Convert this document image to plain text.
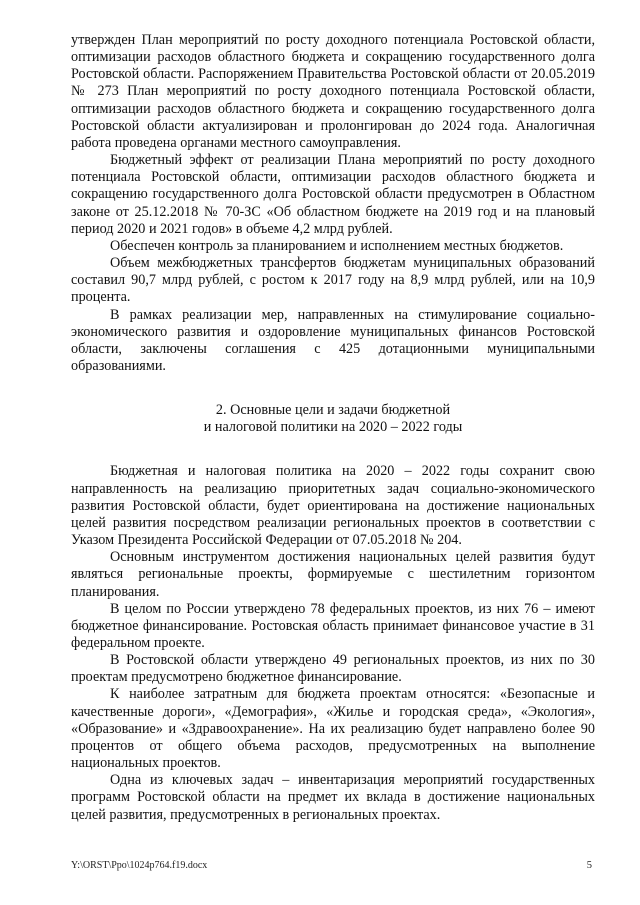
утвержден План мероприятий по росту доходного потенциала Ростовской области, оптимизации расходов областного бюджета и сокращению государственного долга Ростовской области. Распоряжением Правительства Ростовской области от 20.05.2019 № 273 План мероприятий по росту доходного потенциала Ростовской области, оптимизации расходов областного бюджета и сокращению государственного долга Ростовской области актуализирован и пролонгирован до 2024 года. Аналогичная работа проведена органами местного самоуправления.

Бюджетный эффект от реализации Плана мероприятий по росту доходного потенциала Ростовской области, оптимизации расходов областного бюджета и сокращению государственного долга Ростовской области предусмотрен в Областном законе от 25.12.2018 № 70-ЗС «Об областном бюджете на 2019 год и на плановый период 2020 и 2021 годов» в объеме 4,2 млрд рублей.

Обеспечен контроль за планированием и исполнением местных бюджетов.

Объем межбюджетных трансфертов бюджетам муниципальных образований составил 90,7 млрд рублей, с ростом к 2017 году на 8,9 млрд рублей, или на 10,9 процента.

В рамках реализации мер, направленных на стимулирование социально-экономического развития и оздоровление муниципальных финансов Ростовской области, заключены соглашения с 425 дотационными муниципальными образованиями.

2. Основные цели и задачи бюджетной
и налоговой политики на 2020 – 2022 годы

Бюджетная и налоговая политика на 2020 – 2022 годы сохранит свою направленность на реализацию приоритетных задач социально-экономического развития Ростовской области, будет ориентирована на достижение национальных целей развития посредством реализации региональных проектов в соответствии с Указом Президента Российской Федерации от 07.05.2018 № 204.

Основным инструментом достижения национальных целей развития будут являться региональные проекты, формируемые с шестилетним горизонтом планирования.

В целом по России утверждено 78 федеральных проектов, из них 76 – имеют бюджетное финансирование. Ростовская область принимает финансовое участие в 31 федеральном проекте.

В Ростовской области утверждено 49 региональных проектов, из них по 30 проектам предусмотрено бюджетное финансирование.

К наиболее затратным для бюджета проектам относятся: «Безопасные и качественные дороги», «Демография», «Жилье и городская среда», «Экология», «Образование» и «Здравоохранение». На их реализацию будет направлено более 90 процентов от общего объема расходов, предусмотренных на выполнение национальных проектов.

Одна из ключевых задач – инвентаризация мероприятий государственных программ Ростовской области на предмет их вклада в достижение национальных целей развития, предусмотренных в региональных проектах.

Y:\ORST\Ppo\1024p764.f19.docx	5
